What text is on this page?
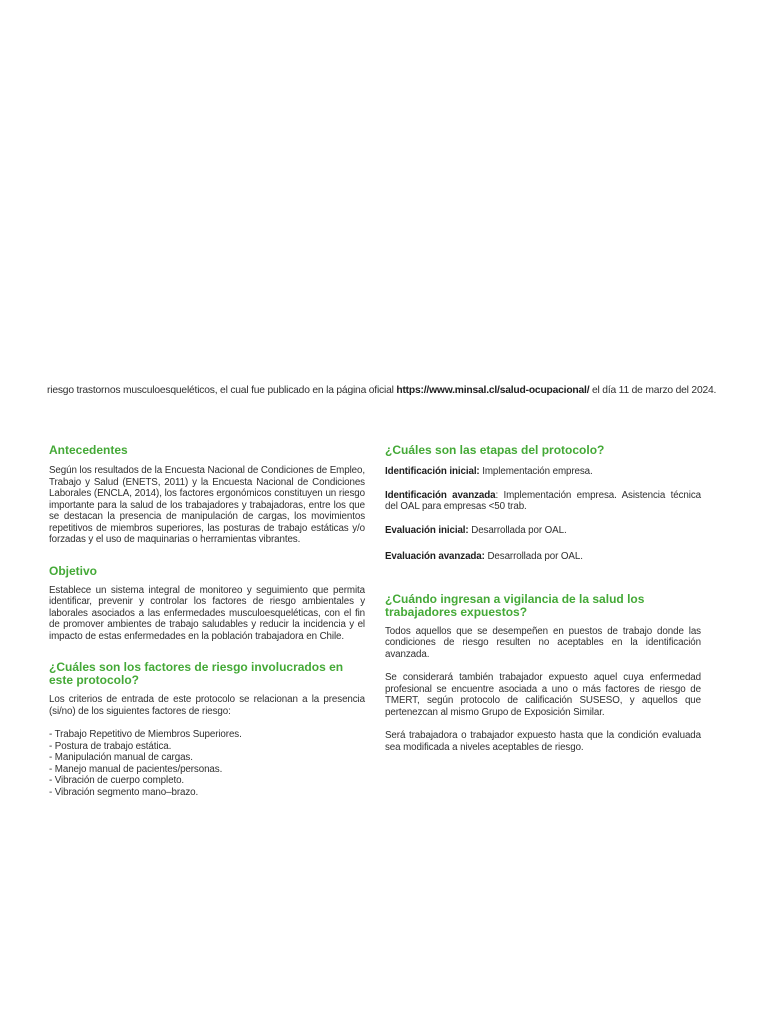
riesgo trastornos musculoesqueléticos, el cual fue publicado en la página oficial https://www.minsal.cl/salud-ocupacional/ el día 11 de marzo del 2024.

Antecedentes

Según los resultados de la Encuesta Nacional de Condiciones de Empleo, Trabajo y Salud (ENETS, 2011) y la Encuesta Nacional de Condiciones Laborales (ENCLA, 2014), los factores ergonómicos constituyen un riesgo importante para la salud de los trabajadores y trabajadoras, entre los que se destacan la presencia de manipulación de cargas, los movimientos repetitivos de miembros superiores, las posturas de trabajo estáticas y/o forzadas y el uso de maquinarias o herramientas vibrantes.

Objetivo

Establece un sistema integral de monitoreo y seguimiento que permita identificar, prevenir y controlar los factores de riesgo ambientales y laborales asociados a las enfermedades musculoesqueléticas, con el fin de promover ambientes de trabajo saludables y reducir la incidencia y el impacto de estas enfermedades en la población trabajadora en Chile.

¿Cuáles son los factores de riesgo involucrados en este protocolo?

Los criterios de entrada de este protocolo se relacionan a la presencia (si/no) de los siguientes factores de riesgo:

- Trabajo Repetitivo de Miembros Superiores.
- Postura de trabajo estática.
- Manipulación manual de cargas.
- Manejo manual de pacientes/personas.
- Vibración de cuerpo completo.
- Vibración segmento mano–brazo.
¿Cuáles son las etapas del protocolo?

Identificación inicial: Implementación empresa.

Identificación avanzada: Implementación empresa. Asistencia técnica del OAL para empresas <50 trab.

Evaluación inicial: Desarrollada por OAL.

Evaluación avanzada: Desarrollada por OAL.

¿Cuándo ingresan a vigilancia de la salud los trabajadores expuestos?

Todos aquellos que se desempeñen en puestos de trabajo donde las condiciones de riesgo resulten no aceptables en la identificación avanzada.

Se considerará también trabajador expuesto aquel cuya enfermedad profesional se encuentre asociada a uno o más factores de riesgo de TMERT, según protocolo de calificación SUSESO, y aquellos que pertenezcan al mismo Grupo de Exposición Similar.

Será trabajadora o trabajador expuesto hasta que la condición evaluada sea modificada a niveles aceptables de riesgo.
